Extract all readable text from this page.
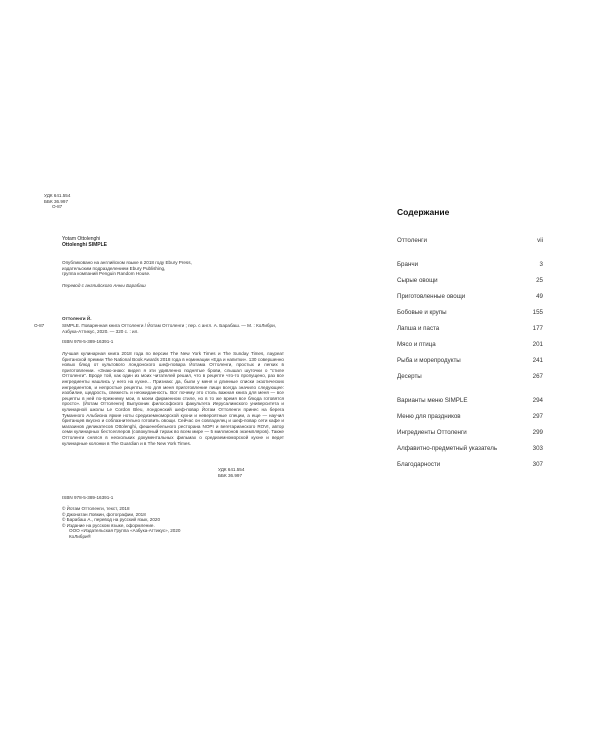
УДК 641.554
ББК 36.997
О-87
Yotam Ottolenghi
Ottolenghi SIMPLE
Опубликовано на английском языке в 2018 году Ebury Press,
издательским подразделением Ebury Publishing,
группа компаний Penguin Random House.
Перевод с английского Анны Барабаш
Оттоленги Й.
О-87	SIMPLE. Поваренная книга Оттоленги / Йотам Оттоленги ; пер. с англ. А. Барабаш. — М. : КоЛибри, Азбука-Аттикус, 2020. — 320 с. : ил.
ISBN 978-5-389-16391-1
Лучшая кулинарная книга 2018 года по версии The New York Times и The Sunday Times, лауреат британской премии The National Book Awards 2018 года в номинации «Еда и напитки». 130 совершенно новых блюд от культового лондонского шеф-повара Йотама Оттоленги, простых и легких в приготовлении. «Знаю-знаю: видел я эти удивленно поднятые брови, слышал шуточки о “стиле Оттоленги”. Вроде той, как один из моих читателей решил, что в рецепте что-то пропущено, раз все ингредиенты нашлись у него на кухне... Признаю: да, были у меня и длинные списки экзотических ингредиентов, и непростые рецепты. Но для меня приготовление пищи всегда значило следующее: изобилие, щедрость, свежесть и неожиданность. Вот почему это столь важная книга для меня — все рецепты в ней по-прежнему мои, в моем фирменном стиле, но в то же время все блюда готовятся просто». (Йотам Оттоленги) Выпускник философского факультета Иерусалимского университета и кулинарной школы Le Cordon Bleu, лондонский шеф-повар Йотам Оттоленги принес на берега Туманного Альбиона яркие ноты средиземноморской кухни и невероятные специи, а еще — научил британцев вкусно и соблазнительно готовить овощи. Сейчас он совладелец и шеф-повар сети кафе и магазинов деликатесов Ottolenghi, фешенебельного ресторана NOPI и вегетарианского ROVI, автор семи кулинарных бестселлеров (совокупный тираж во всем мире — 5 миллионов экземпляров). Также Оттоленги снялся в нескольких документальных фильмах о средиземноморской кухне и ведет кулинарные колонки в The Guardian и в The New York Times.
УДК 641.554
ББК 36.997
ISBN 978-5-389-16391-1
© Йотам Оттоленги, текст, 2018
© Джонатан Ловкин, фотографии, 2018
© Барабаш А., перевод на русский язык, 2020
© Издание на русском языке, оформление.
ООО «Издательская Группа «Азбука-Аттикус», 2020
КоЛибри®
Содержание
Оттоленги	vii
Бранчи	3
Сырые овощи	25
Приготовленные овощи	49
Бобовые и крупы	155
Лапша и паста	177
Мясо и птица	201
Рыба и морепродукты	241
Десерты	267
Варианты меню SIMPLE	294
Меню для праздников	297
Ингредиенты Оттоленги	299
Алфавитно-предметный указатель	303
Благодарности	307
